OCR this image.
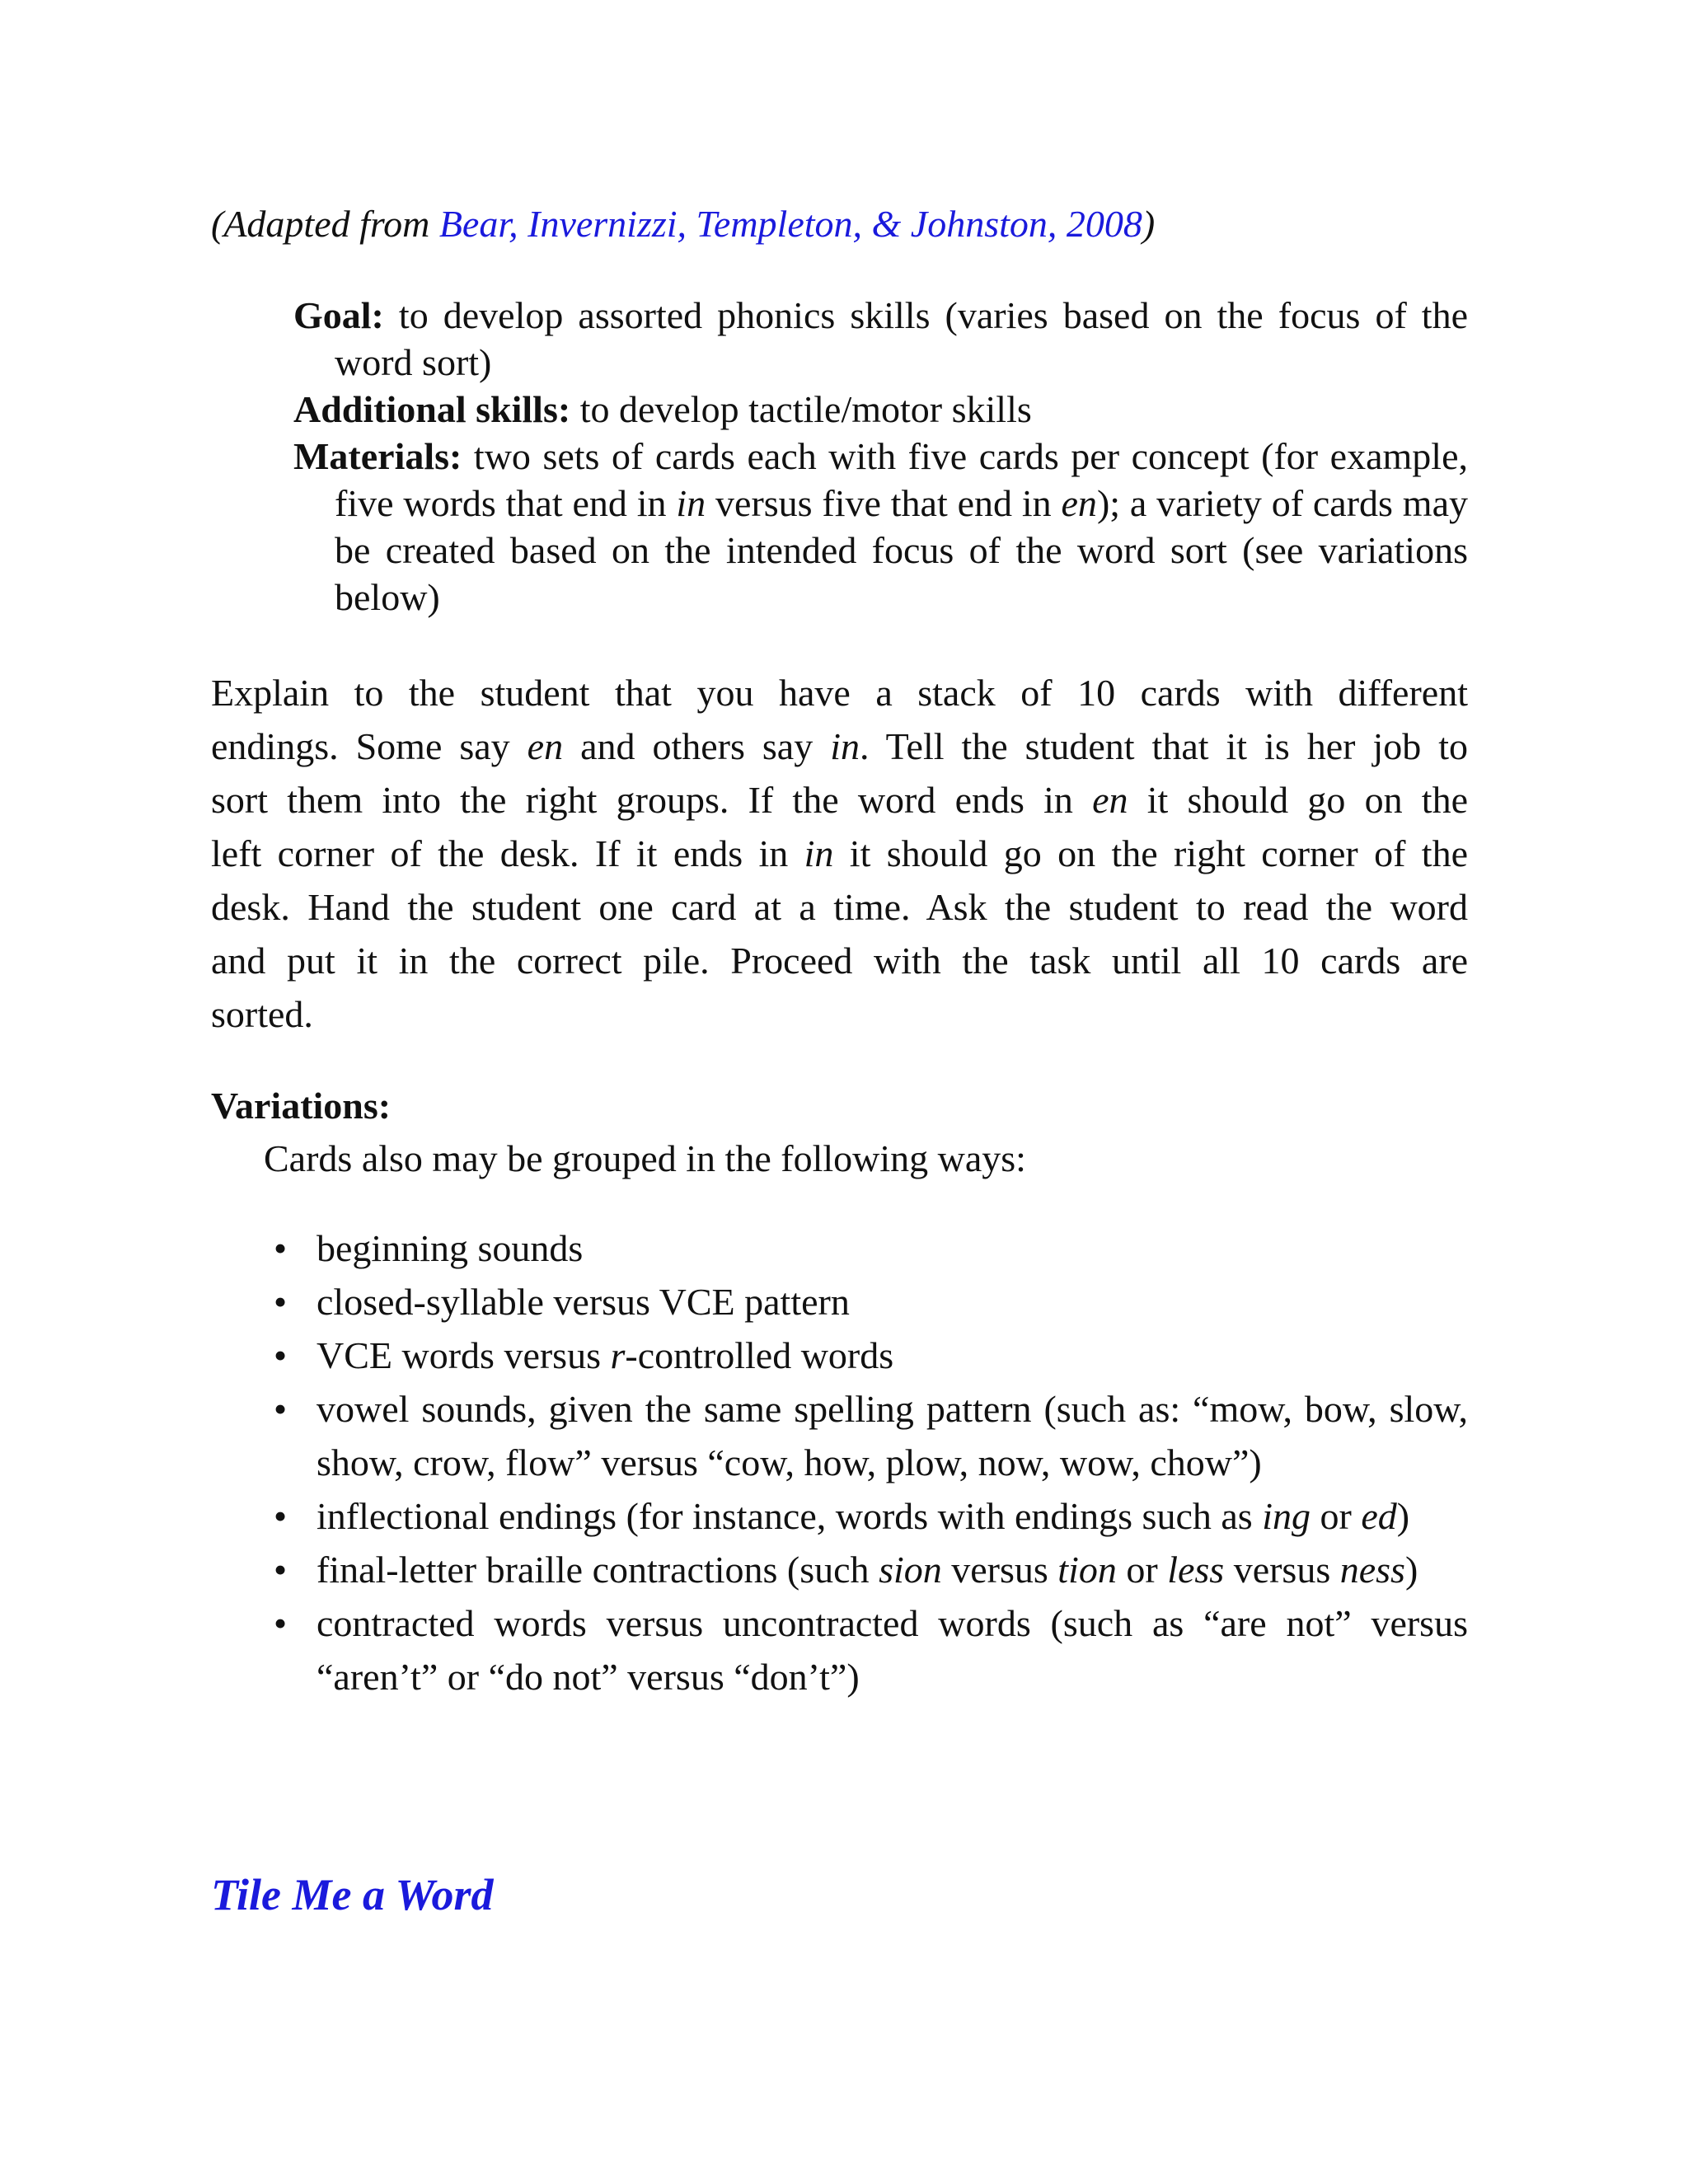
(Adapted from Bear, Invernizzi, Templeton, & Johnston, 2008)

Goal: to develop assorted phonics skills (varies based on the focus of the word sort)

Additional skills: to develop tactile/motor skills

Materials: two sets of cards each with five cards per concept (for example, five words that end in in versus five that end in en); a variety of cards may be created based on the intended focus of the word sort (see variations below)

Explain to the student that you have a stack of 10 cards with different
endings. Some say en and others say in. Tell the student that it is her job to
sort them into the right groups. If the word ends in en it should go on the
left corner of the desk. If it ends in in it should go on the right corner of the
desk. Hand the student one card at a time. Ask the student to read the word
and put it in the correct pile. Proceed with the task until all 10 cards are
sorted.

Variations:
Cards also may be grouped in the following ways:
• beginning sounds
• closed-syllable versus VCE pattern
• VCE words versus r-controlled words
• vowel sounds, given the same spelling pattern (such as: “mow, bow, slow, show, crow, flow” versus “cow, how, plow, now, wow, chow”)
• inflectional endings (for instance, words with endings such as ing or ed)
• final-letter braille contractions (such sion versus tion or less versus ness)
• contracted words versus uncontracted words (such as “are not” versus “aren’t” or “do not” versus “don’t”)
Tile Me a Word
